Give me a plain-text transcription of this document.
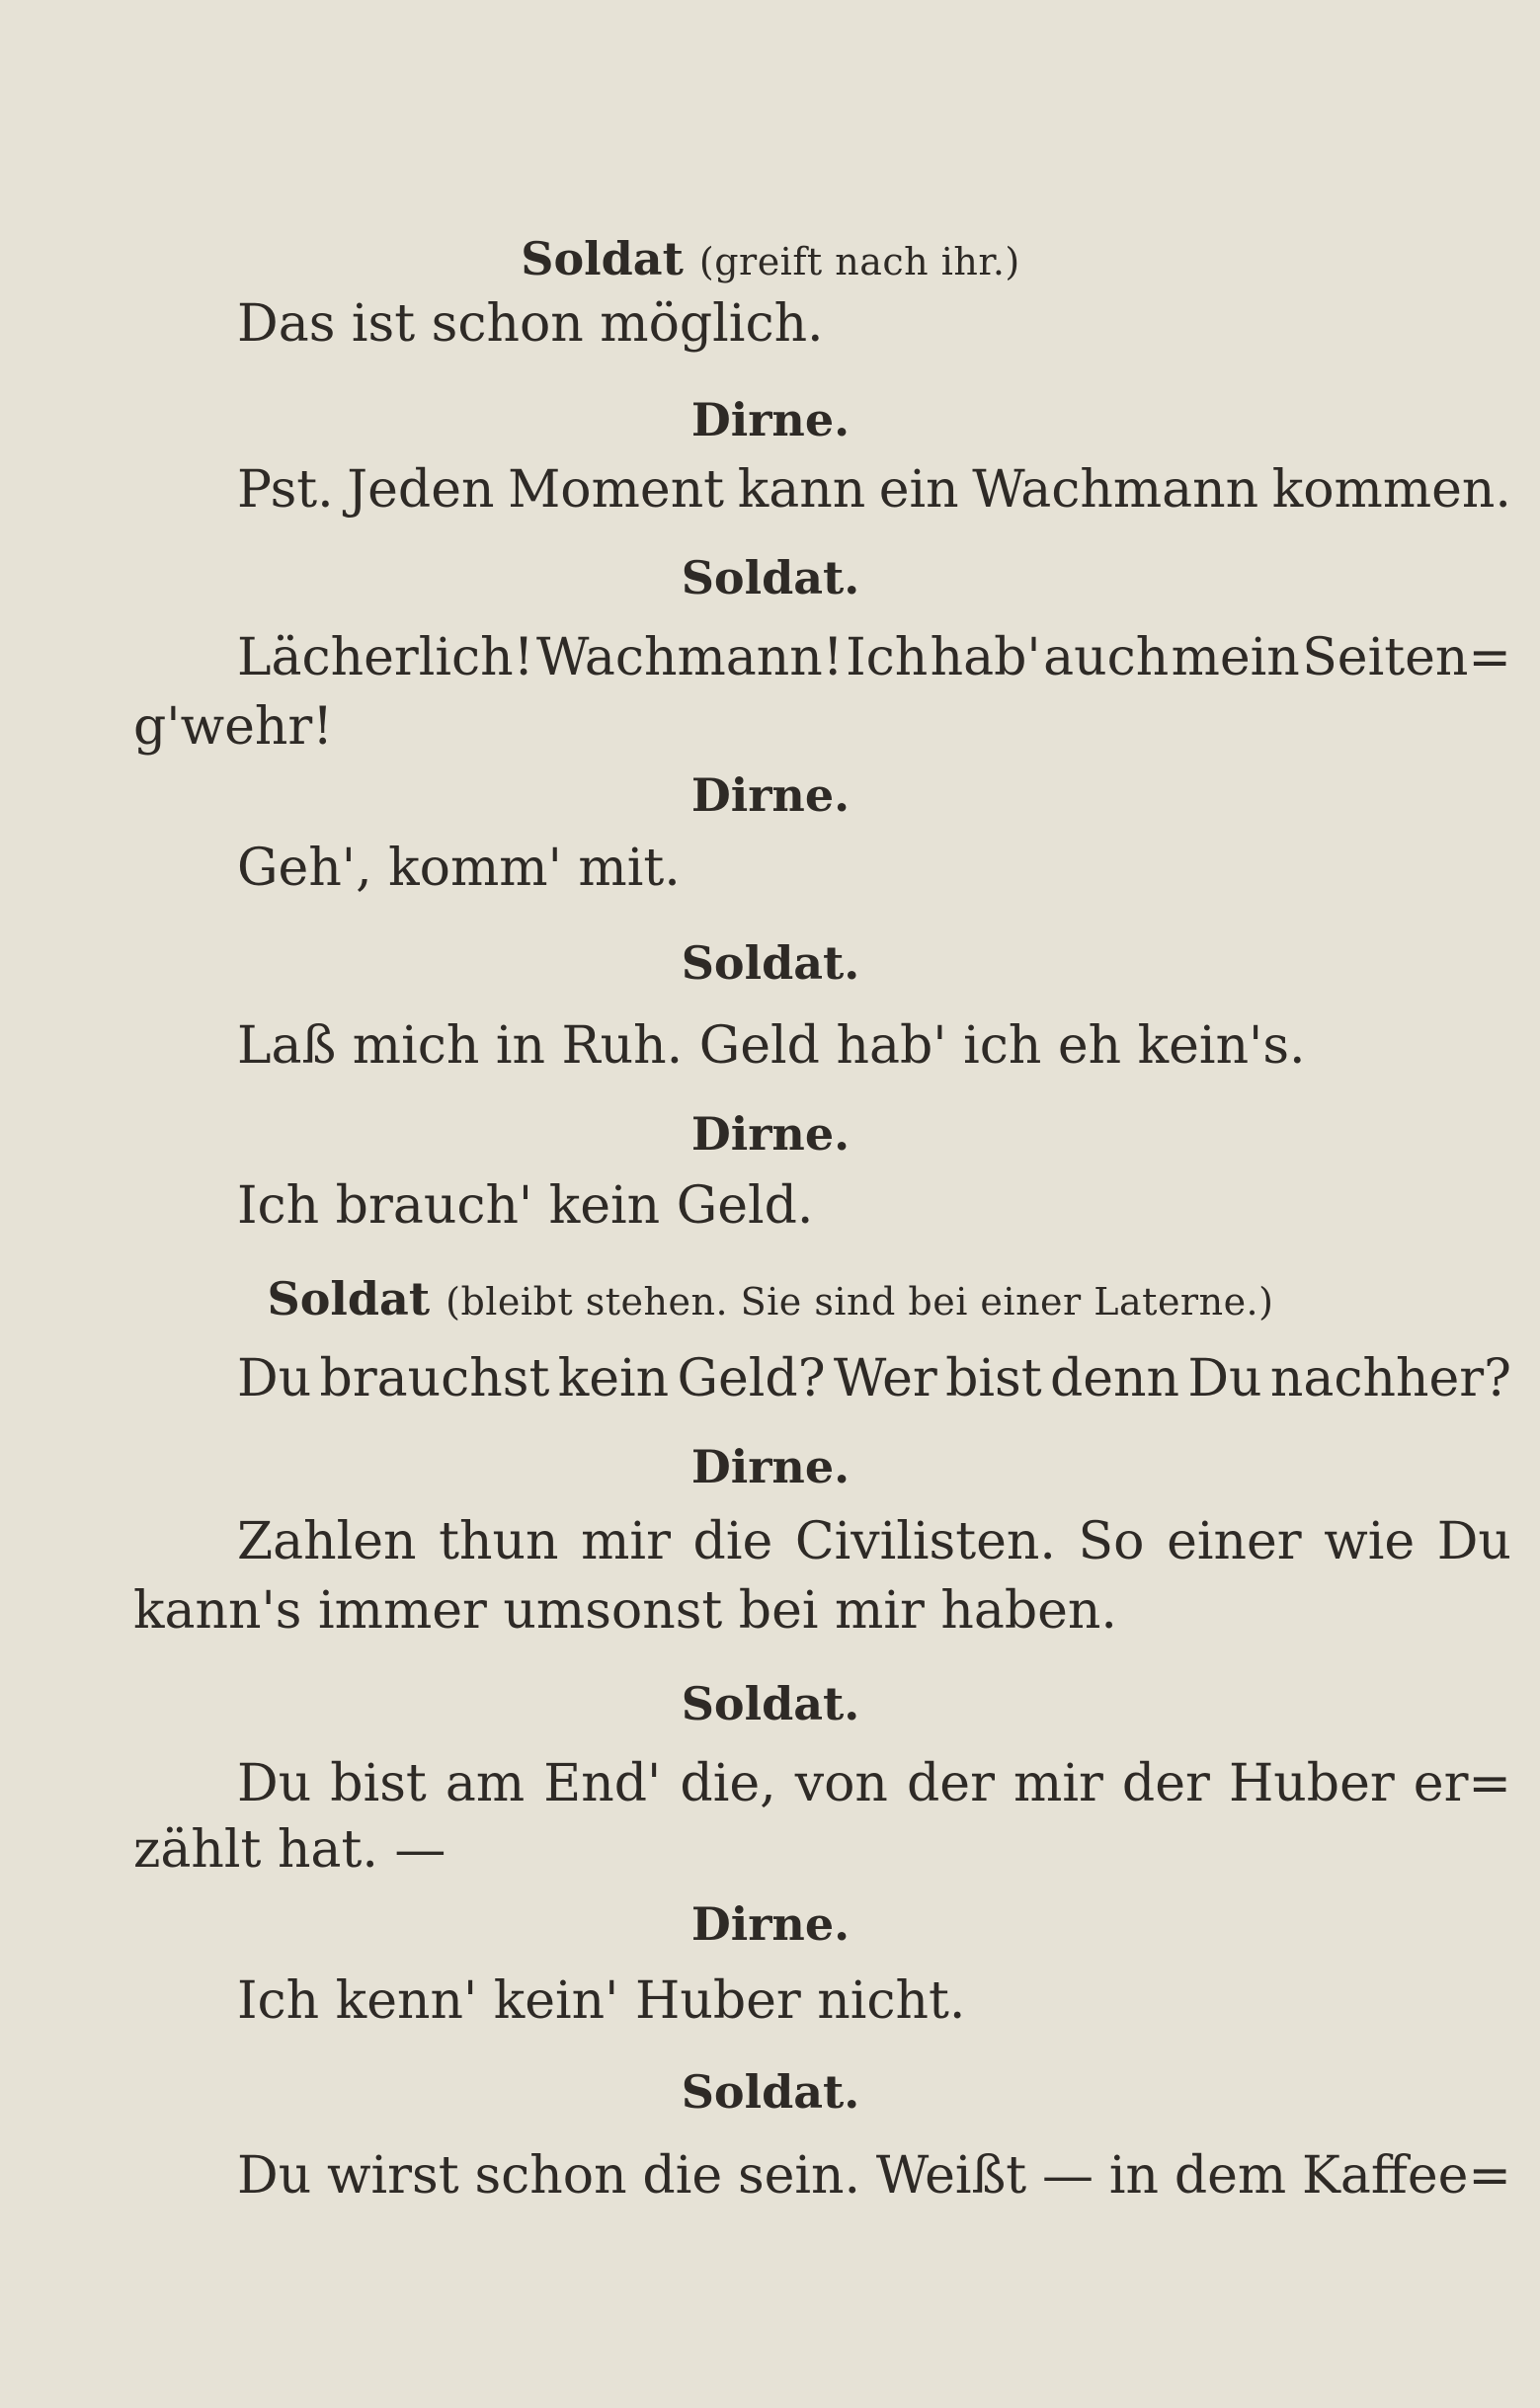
Soldat (greift nach ihr.)
Das ist schon möglich.
Dirne.
Pst. Jeden Moment kann ein Wachmann kommen.
Soldat.
Lächerlich! Wachmann! Ich hab' auch mein Seiten=
g'wehr!
Dirne.
Geh', komm' mit.
Soldat.
Laß mich in Ruh. Geld hab' ich eh kein's.
Dirne.
Ich brauch' kein Geld.
Soldat (bleibt stehen. Sie sind bei einer Laterne.)
Du brauchst kein Geld? Wer bist denn Du nachher?
Dirne.
Zahlen thun mir die Civilisten. So einer wie Du
kann's immer umsonst bei mir haben.
Soldat.
Du bist am End' die, von der mir der Huber er=
zählt hat. —
Dirne.
Ich kenn' kein' Huber nicht.
Soldat.
Du wirst schon die sein. Weißt — in dem Kaffee=
